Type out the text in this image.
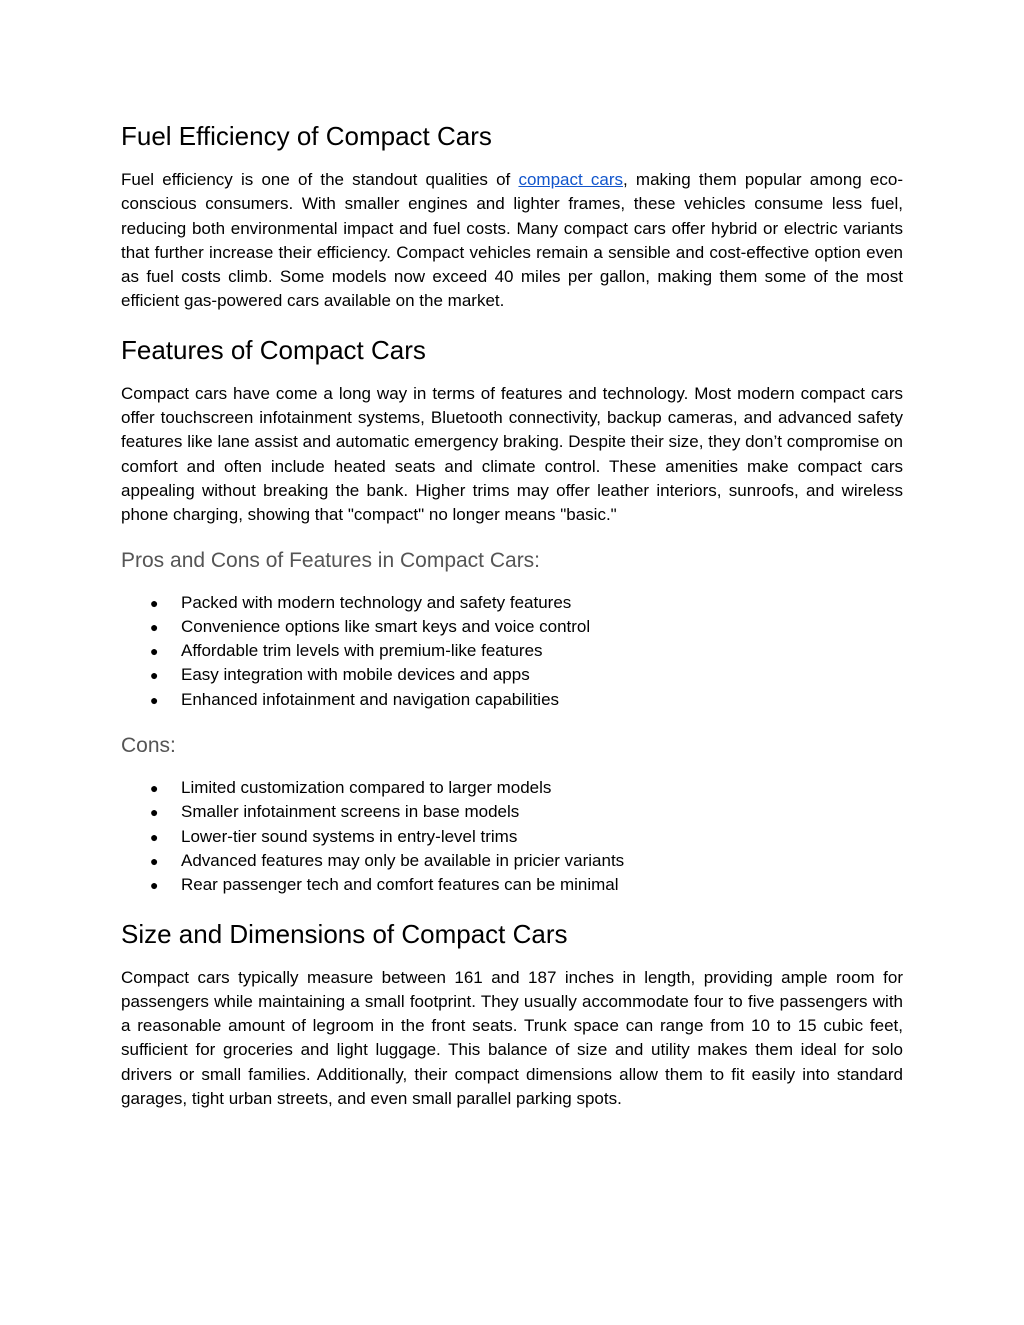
Fuel Efficiency of Compact Cars

Fuel efficiency is one of the standout qualities of compact cars, making them popular among eco-conscious consumers. With smaller engines and lighter frames, these vehicles consume less fuel, reducing both environmental impact and fuel costs. Many compact cars offer hybrid or electric variants that further increase their efficiency. Compact vehicles remain a sensible and cost-effective option even as fuel costs climb. Some models now exceed 40 miles per gallon, making them some of the most efficient gas-powered cars available on the market.

Features of Compact Cars

Compact cars have come a long way in terms of features and technology. Most modern compact cars offer touchscreen infotainment systems, Bluetooth connectivity, backup cameras, and advanced safety features like lane assist and automatic emergency braking. Despite their size, they don’t compromise on comfort and often include heated seats and climate control. These amenities make compact cars appealing without breaking the bank. Higher trims may offer leather interiors, sunroofs, and wireless phone charging, showing that "compact" no longer means "basic."

Pros and Cons of Features in Compact Cars:
● Packed with modern technology and safety features
● Convenience options like smart keys and voice control
● Affordable trim levels with premium-like features
● Easy integration with mobile devices and apps
● Enhanced infotainment and navigation capabilities
Cons:
● Limited customization compared to larger models
● Smaller infotainment screens in base models
● Lower-tier sound systems in entry-level trims
● Advanced features may only be available in pricier variants
● Rear passenger tech and comfort features can be minimal
Size and Dimensions of Compact Cars

Compact cars typically measure between 161 and 187 inches in length, providing ample room for passengers while maintaining a small footprint. They usually accommodate four to five passengers with a reasonable amount of legroom in the front seats. Trunk space can range from 10 to 15 cubic feet, sufficient for groceries and light luggage. This balance of size and utility makes them ideal for solo drivers or small families. Additionally, their compact dimensions allow them to fit easily into standard garages, tight urban streets, and even small parallel parking spots.
